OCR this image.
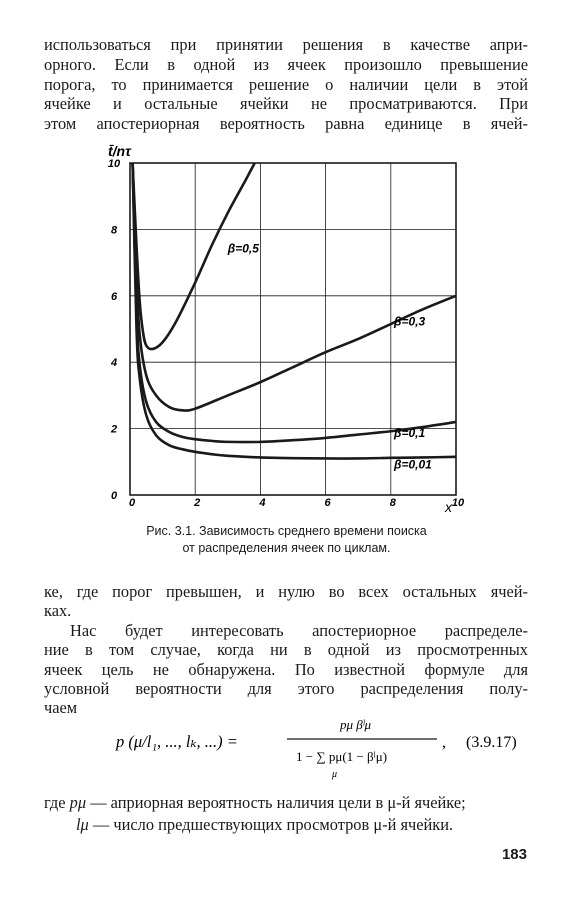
использоваться при принятии решения в качестве апри-
орного. Если в одной из ячеек произошло превышение
порога, то принимается решение о наличии цели в этой
ячейке и остальные ячейки не просматриваются. При
этом апостериорная вероятность равна единице в ячей-
0	2	4	6	8	10
0
2
4
6
8
10
β=0,5
β=0,3
β=0,1
β=0,01
t̄/nτ
x
Рис. 3.1. Зависимость среднего времени поиска
от распределения ячеек по циклам.
ке, где порог превышен, и нулю во всех остальных ячей-
ках.
Нас будет интересовать апостериорное распределе-
ние в том случае, когда ни в одной из просмотренных
ячеек цель не обнаружена. По известной формуле для
условной вероятности для этого распределения полу-
чаем
p (μ/l₁, ..., lₖ, ...) =
pμ βˡμ
1 − ∑ pμ(1 − βˡμ)
μ
, (3.9.17)
где pμ — априорная вероятность наличия цели в μ-й ячейке;
lμ — число предшествующих просмотров μ-й ячейки.
183
